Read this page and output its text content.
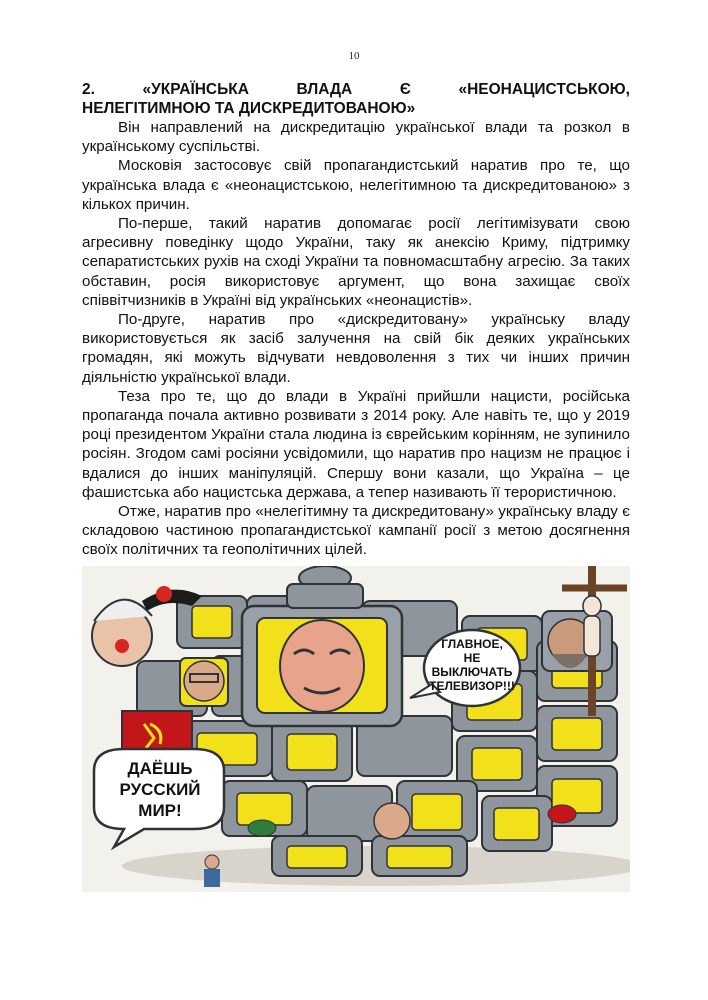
10
2.	«УКРАЇНСЬКА	ВЛАДА	Є	«НЕОНАЦИСТСЬКОЮ,
НЕЛЕГІТИМНОЮ ТА ДИСКРЕДИТОВАНОЮ»

Він направлений на дискредитацію української влади та розкол в українському суспільстві.

Московія застосовує свій пропагандистський наратив про те, що українська влада є «неонацистською, нелегітимною та дискредитованою» з кількох причин.

По-перше, такий наратив допомагає росії легітимізувати свою агресивну поведінку щодо України, таку як анексію Криму, підтримку сепаратистських рухів на сході України та повномасштабну агресію. За таких обставин, росія використовує аргумент, що вона захищає своїх співвітчизників в Україні від українських «неонацистів».

По-друге, наратив про «дискредитовану» українську владу використовується як засіб залучення на свій бік деяких українських громадян, які можуть відчувати невдоволення з тих чи інших причин діяльністю української влади.

Теза про те, що до влади в Україні прийшли нацисти, російська пропаганда почала активно розвивати з 2014 року. Але навіть те, що у 2019 році президентом України стала людина із єврейським корінням, не зупинило росіян. Згодом самі росіяни усвідомили, що наратив про нацизм не працює і вдалися до інших маніпуляцій. Спершу вони казали, що Україна – це фашистська або нацистська держава, а тепер називають її терористичною.

Отже, наратив про «нелегітимну та дискредитовану» українську владу є складовою частиною пропагандистської кампанії росії з метою досягнення своїх політичних та геополітичних цілей.

ГЛАВНОЕ,
НЕ
ВЫКЛЮЧАТЬ
ТЕЛЕВИЗОР!!!
ДАЁШЬ
РУССКИЙ
МИР!
